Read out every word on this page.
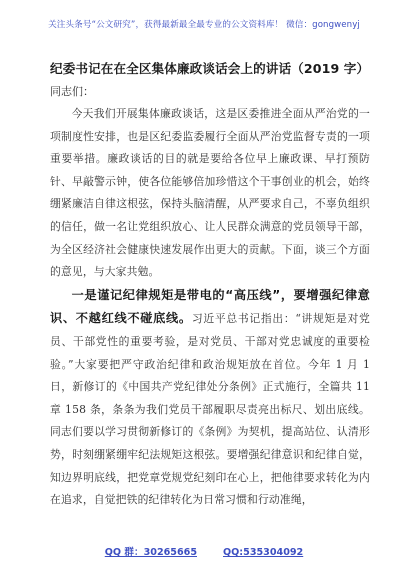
关注头条号“公文研究”，获得最新最全最专业的公文资料库！ 微信：gongwenyj
纪委书记在在全区集体廉政谈话会上的讲话（2019 字）
同志们：

今天我们开展集体廉政谈话，这是区委推进全面从严治党的一项制度性安排，也是区纪委监委履行全面从严治党监督专责的一项重要举措。廉政谈话的目的就是要给各位早上廉政课、早打预防针、早敲警示钟，使各位能够倍加珍惜这个干事创业的机会，始终绷紧廉洁自律这根弦，保持头脑清醒，从严要求自己，不辜负组织的信任，做一名让党组织放心、让人民群众满意的党员领导干部，为全区经济社会健康快速发展作出更大的贡献。下面，谈三个方面的意见，与大家共勉。

一是谨记纪律规矩是带电的“高压线”，要增强纪律意识、不越红线不碰底线。习近平总书记指出：“讲规矩是对党员、干部党性的重要考验，是对党员、干部对党忠诚度的重要检验。”大家要把严守政治纪律和政治规矩放在首位。今年 1 月 1 日，新修订的《中国共产党纪律处分条例》正式施行，全篇共 11 章 158 条，条条为我们党员干部履职尽责亮出标尺、划出底线。同志们要以学习贯彻新修订的《条例》为契机，提高站位、认清形势，时刻绷紧绷牢纪法规矩这根弦。要增强纪律意识和纪律自觉，知边界明底线，把党章党规党纪刻印在心上，把他律要求转化为内在追求，自觉把铁的纪律转化为日常习惯和行动准绳，

QQ 群：30265665	QQ:535304092
